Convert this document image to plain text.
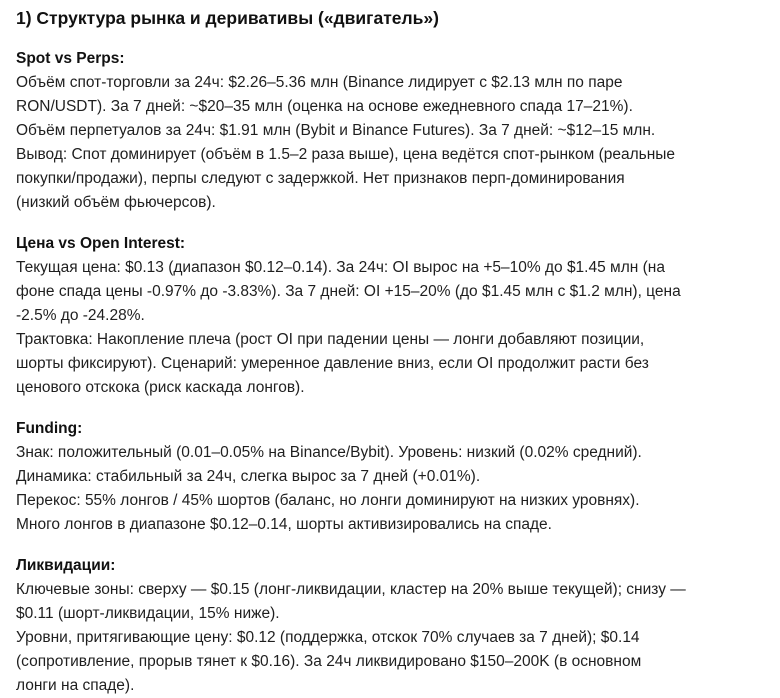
1) Структура рынка и деривативы («двигатель»)
Spot vs Perps:
Объём спот-торговли за 24ч: $2.26–5.36 млн (Binance лидирует с $2.13 млн по паре
RON/USDT). За 7 дней: ~$20–35 млн (оценка на основе ежедневного спада 17–21%).
Объём перпетуалов за 24ч: $1.91 млн (Bybit и Binance Futures). За 7 дней: ~$12–15 млн.
Вывод: Спот доминирует (объём в 1.5–2 раза выше), цена ведётся спот-рынком (реальные
покупки/продажи), перпы следуют с задержкой. Нет признаков перп-доминирования
(низкий объём фьючерсов).
Цена vs Open Interest:
Текущая цена: $0.13 (диапазон $0.12–0.14). За 24ч: OI вырос на +5–10% до $1.45 млн (на
фоне спада цены -0.97% до -3.83%). За 7 дней: OI +15–20% (до $1.45 млн с $1.2 млн), цена
-2.5% до -24.28%.
Трактовка: Накопление плеча (рост OI при падении цены — лонги добавляют позиции,
шорты фиксируют). Сценарий: умеренное давление вниз, если OI продолжит расти без
ценового отскока (риск каскада лонгов).
Funding:
Знак: положительный (0.01–0.05% на Binance/Bybit). Уровень: низкий (0.02% средний).
Динамика: стабильный за 24ч, слегка вырос за 7 дней (+0.01%).
Перекос: 55% лонгов / 45% шортов (баланс, но лонги доминируют на низких уровнях).
Много лонгов в диапазоне $0.12–0.14, шорты активизировались на спаде.
Ликвидации:
Ключевые зоны: сверху — $0.15 (лонг-ликвидации, кластер на 20% выше текущей); снизу —
$0.11 (шорт-ликвидации, 15% ниже).
Уровни, притягивающие цену: $0.12 (поддержка, отскок 70% случаев за 7 дней); $0.14
(сопротивление, прорыв тянет к $0.16). За 24ч ликвидировано $150–200K (в основном
лонги на спаде).
